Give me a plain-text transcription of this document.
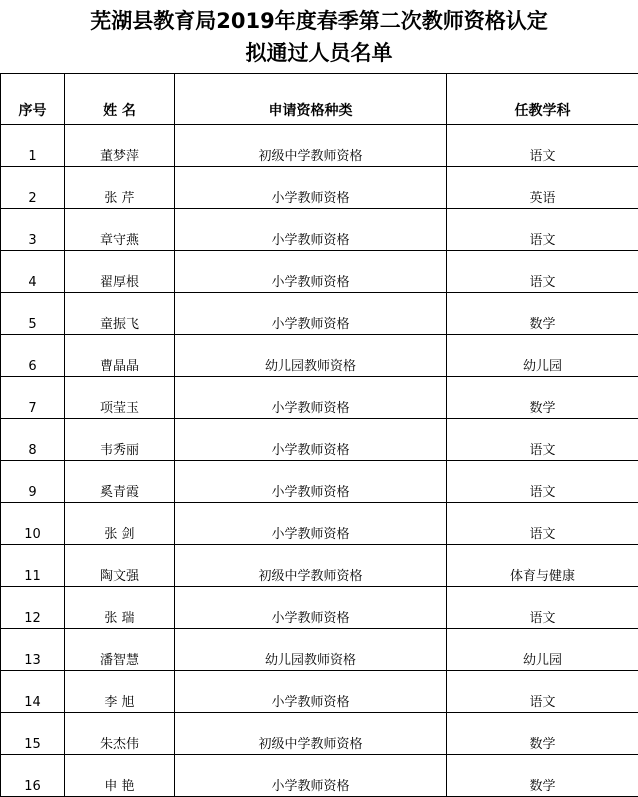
芜湖县教育局2019年度春季第二次教师资格认定
拟通过人员名单
序号	姓 名	申请资格种类	任教学科
1	董梦萍	初级中学教师资格	语文
2	张 芹	小学教师资格	英语
3	章守燕	小学教师资格	语文
4	翟厚根	小学教师资格	语文
5	童振飞	小学教师资格	数学
6	曹晶晶	幼儿园教师资格	幼儿园
7	项莹玉	小学教师资格	数学
8	韦秀丽	小学教师资格	语文
9	奚青霞	小学教师资格	语文
10	张 剑	小学教师资格	语文
11	陶文强	初级中学教师资格	体育与健康
12	张 瑞	小学教师资格	语文
13	潘智慧	幼儿园教师资格	幼儿园
14	李 旭	小学教师资格	语文
15	朱杰伟	初级中学教师资格	数学
16	申 艳	小学教师资格	数学
